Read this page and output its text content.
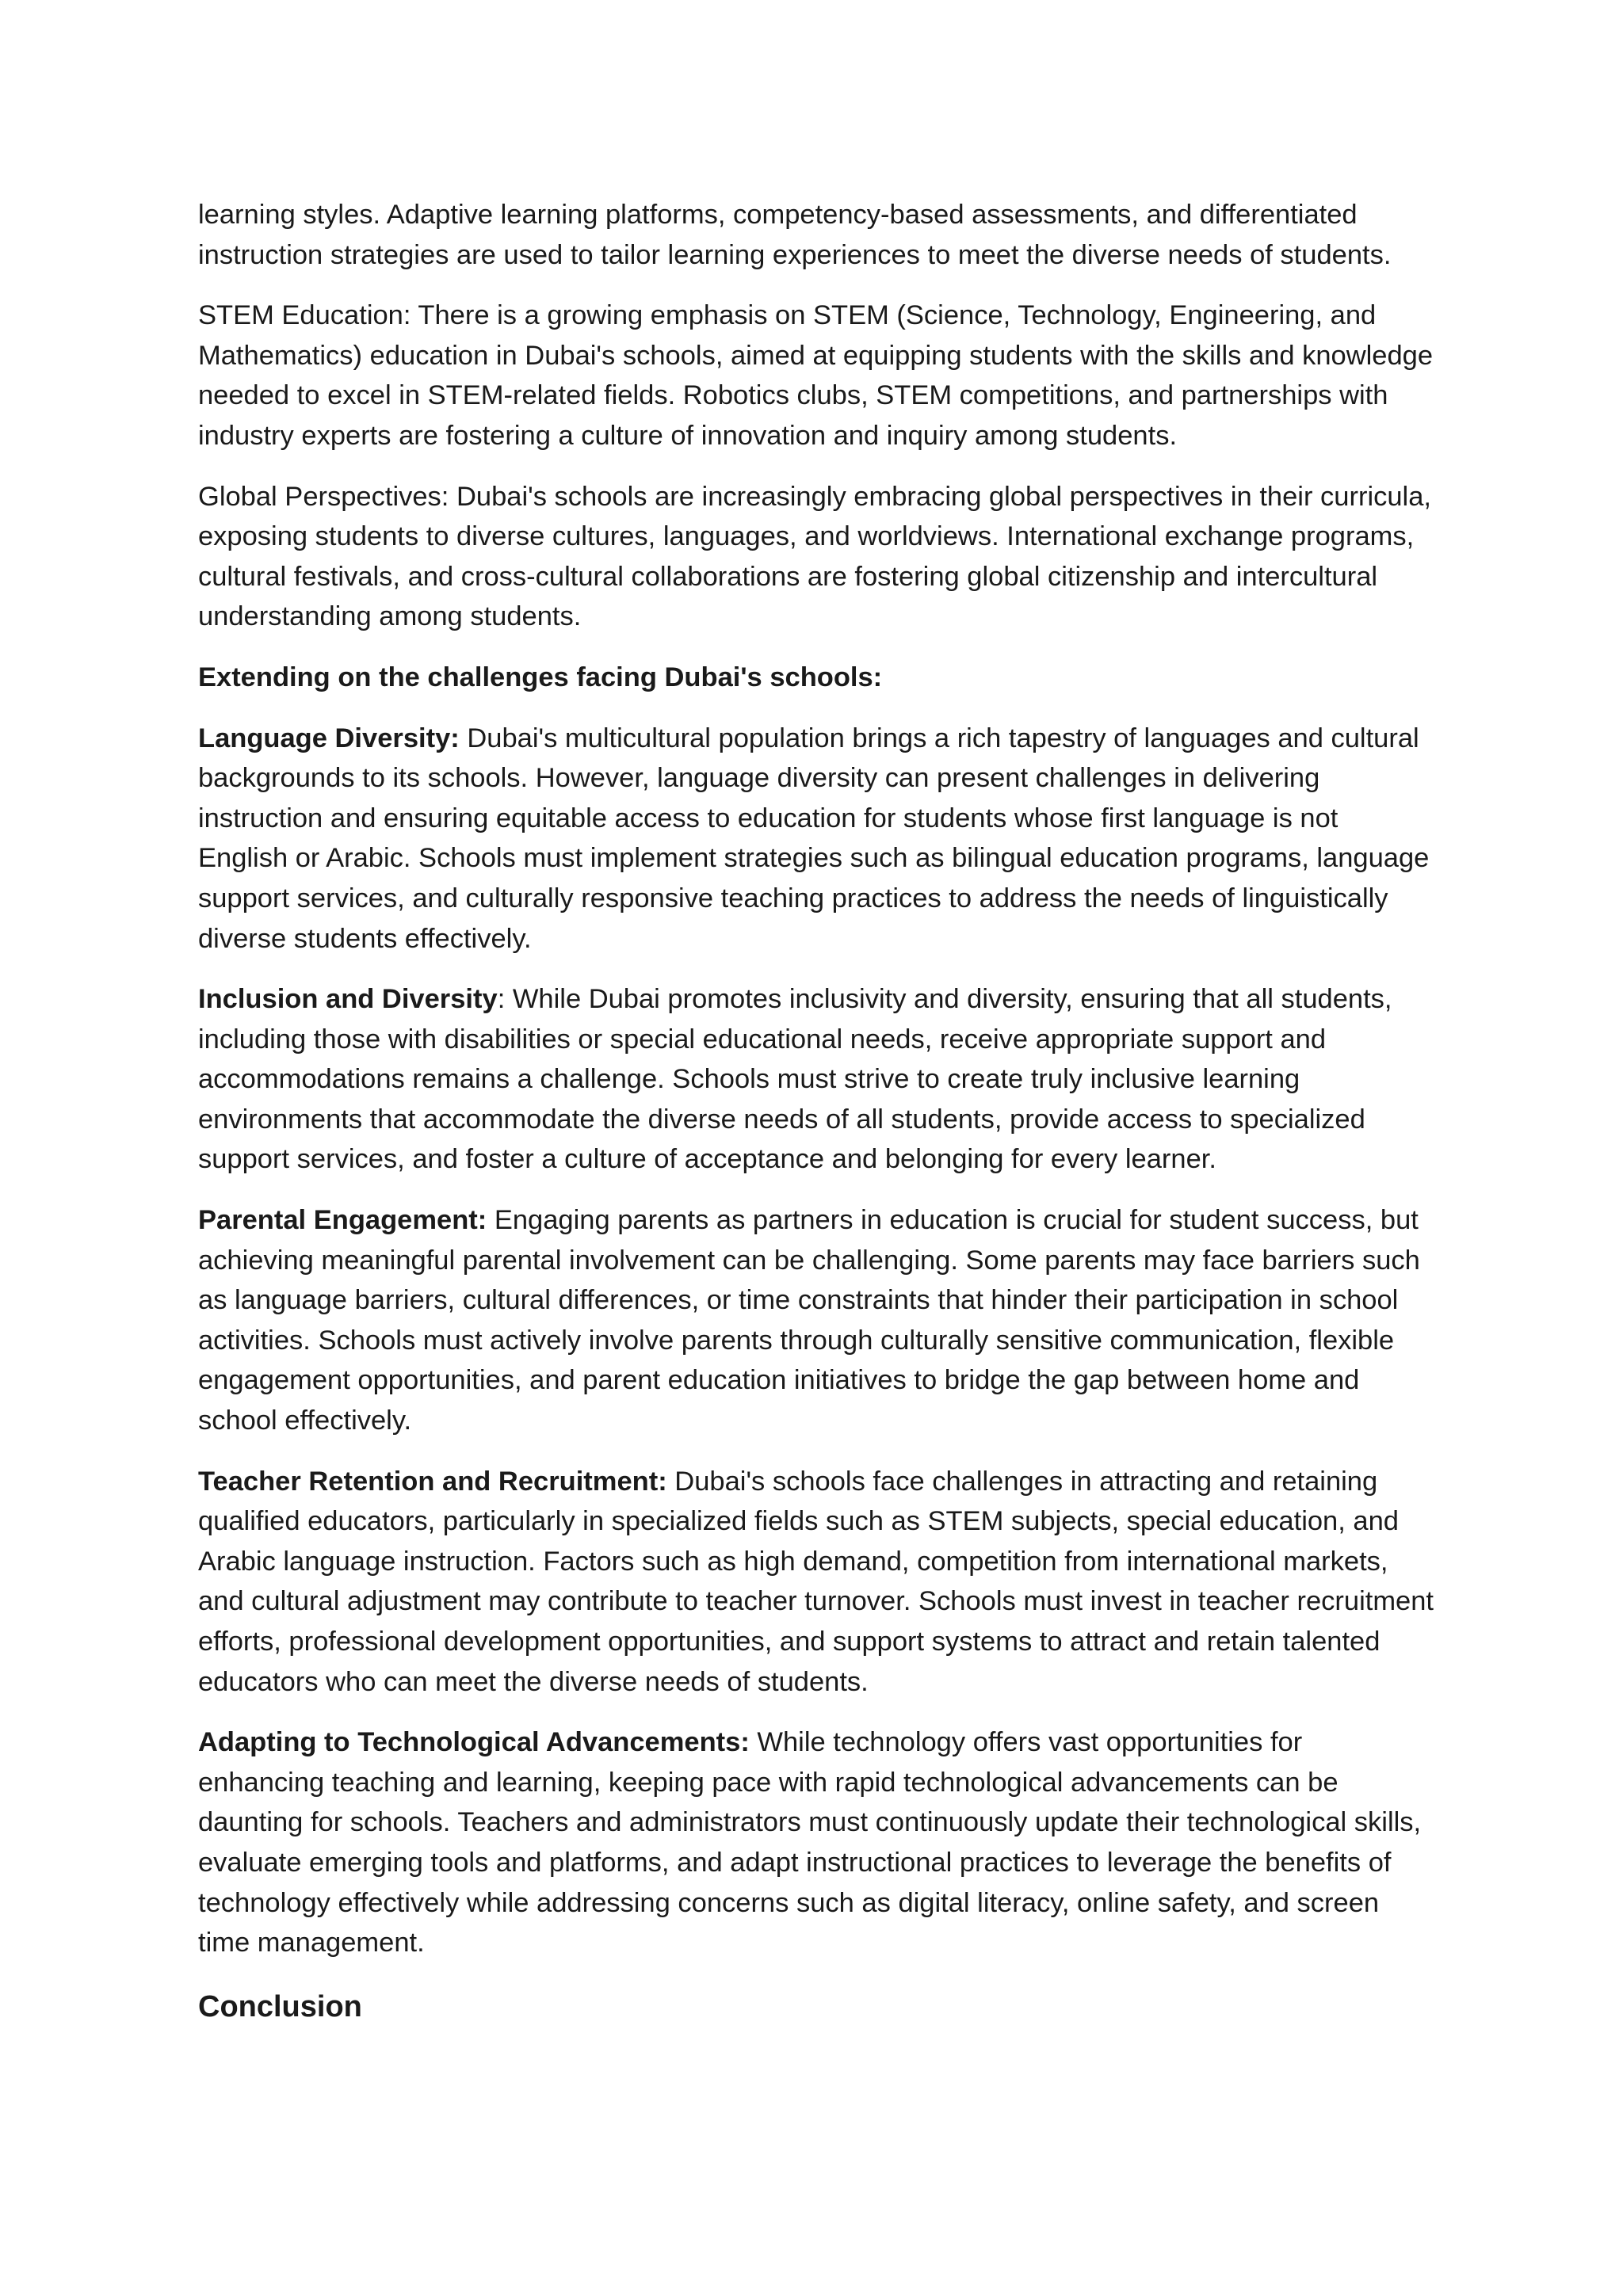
learning styles. Adaptive learning platforms, competency-based assessments, and differentiated instruction strategies are used to tailor learning experiences to meet the diverse needs of students.

STEM Education: There is a growing emphasis on STEM (Science, Technology, Engineering, and Mathematics) education in Dubai's schools, aimed at equipping students with the skills and knowledge needed to excel in STEM-related fields. Robotics clubs, STEM competitions, and partnerships with industry experts are fostering a culture of innovation and inquiry among students.

Global Perspectives: Dubai's schools are increasingly embracing global perspectives in their curricula, exposing students to diverse cultures, languages, and worldviews. International exchange programs, cultural festivals, and cross-cultural collaborations are fostering global citizenship and intercultural understanding among students.

Extending on the challenges facing Dubai's schools:

Language Diversity: Dubai's multicultural population brings a rich tapestry of languages and cultural backgrounds to its schools. However, language diversity can present challenges in delivering instruction and ensuring equitable access to education for students whose first language is not English or Arabic. Schools must implement strategies such as bilingual education programs, language support services, and culturally responsive teaching practices to address the needs of linguistically diverse students effectively.

Inclusion and Diversity: While Dubai promotes inclusivity and diversity, ensuring that all students, including those with disabilities or special educational needs, receive appropriate support and accommodations remains a challenge. Schools must strive to create truly inclusive learning environments that accommodate the diverse needs of all students, provide access to specialized support services, and foster a culture of acceptance and belonging for every learner.

Parental Engagement: Engaging parents as partners in education is crucial for student success, but achieving meaningful parental involvement can be challenging. Some parents may face barriers such as language barriers, cultural differences, or time constraints that hinder their participation in school activities. Schools must actively involve parents through culturally sensitive communication, flexible engagement opportunities, and parent education initiatives to bridge the gap between home and school effectively.

Teacher Retention and Recruitment: Dubai's schools face challenges in attracting and retaining qualified educators, particularly in specialized fields such as STEM subjects, special education, and Arabic language instruction. Factors such as high demand, competition from international markets, and cultural adjustment may contribute to teacher turnover. Schools must invest in teacher recruitment efforts, professional development opportunities, and support systems to attract and retain talented educators who can meet the diverse needs of students.

Adapting to Technological Advancements: While technology offers vast opportunities for enhancing teaching and learning, keeping pace with rapid technological advancements can be daunting for schools. Teachers and administrators must continuously update their technological skills, evaluate emerging tools and platforms, and adapt instructional practices to leverage the benefits of technology effectively while addressing concerns such as digital literacy, online safety, and screen time management.

Conclusion
